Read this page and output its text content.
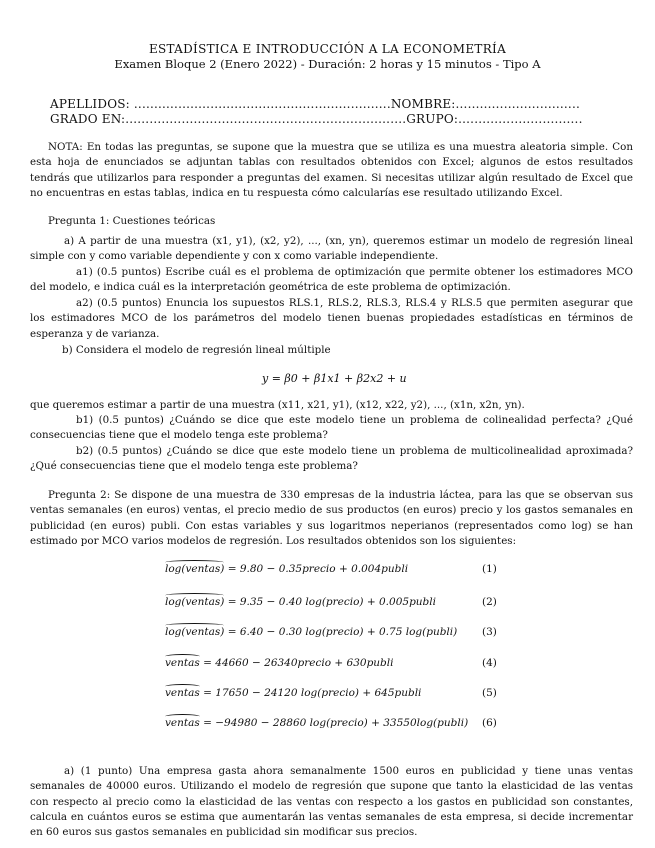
ESTADÍSTICA E INTRODUCCIÓN A LA ECONOMETRÍA
Examen Bloque 2 (Enero 2022) - Duración: 2 horas y 15 minutos - Tipo A
APELLIDOS: ................................................................NOMBRE:...............................
GRADO EN:......................................................................GRUPO:...............................
NOTA: En todas las preguntas, se supone que la muestra que se utiliza es una muestra aleatoria simple. Con esta hoja de enunciados se adjuntan tablas con resultados obtenidos con Excel; algunos de estos resultados tendrás que utilizarlos para responder a preguntas del examen. Si necesitas utilizar algún resultado de Excel que no encuentras en estas tablas, indica en tu respuesta cómo calcularías ese resultado utilizando Excel.
Pregunta 1: Cuestiones teóricas
a) A partir de una muestra (x1, y1), (x2, y2), ..., (xn, yn), queremos estimar un modelo de regresión lineal simple con y como variable dependiente y con x como variable independiente.
a1) (0.5 puntos) Escribe cuál es el problema de optimización que permite obtener los estimadores MCO del modelo, e indica cuál es la interpretación geométrica de este problema de optimización.
a2) (0.5 puntos) Enuncia los supuestos RLS.1, RLS.2, RLS.3, RLS.4 y RLS.5 que permiten asegurar que los estimadores MCO de los parámetros del modelo tienen buenas propiedades estadísticas en términos de esperanza y de varianza.
b) Considera el modelo de regresión lineal múltiple
y = β0 + β1x1 + β2x2 + u
que queremos estimar a partir de una muestra (x11, x21, y1), (x12, x22, y2), ..., (x1n, x2n, yn).
b1) (0.5 puntos) ¿Cuándo se dice que este modelo tiene un problema de colinealidad perfecta? ¿Qué consecuencias tiene que el modelo tenga este problema?
b2) (0.5 puntos) ¿Cuándo se dice que este modelo tiene un problema de multicolinealidad aproximada? ¿Qué consecuencias tiene que el modelo tenga este problema?
Pregunta 2: Se dispone de una muestra de 330 empresas de la industria láctea, para las que se observan sus ventas semanales (en euros) ventas, el precio medio de sus productos (en euros) precio y los gastos semanales en publicidad (en euros) publi. Con estas variables y sus logaritmos neperianos (representados como log) se han estimado por MCO varios modelos de regresión. Los resultados obtenidos son los siguientes:
log(ventas) = 9.80 − 0.35precio + 0.004publi	(1)
log(ventas) = 9.35 − 0.40 log(precio) + 0.005publi	(2)
log(ventas) = 6.40 − 0.30 log(precio) + 0.75 log(publi) (3)
ventas = 44660 − 26340precio + 630publi	(4)
ventas = 17650 − 24120 log(precio) + 645publi	(5)
ventas = −94980 − 28860 log(precio) + 33550log(publi) (6)
a) (1 punto) Una empresa gasta ahora semanalmente 1500 euros en publicidad y tiene unas ventas semanales de 40000 euros. Utilizando el modelo de regresión que supone que tanto la elasticidad de las ventas con respecto al precio como la elasticidad de las ventas con respecto a los gastos en publicidad son constantes, calcula en cuántos euros se estima que aumentarán las ventas semanales de esta empresa, si decide incrementar en 60 euros sus gastos semanales en publicidad sin modificar sus precios.
